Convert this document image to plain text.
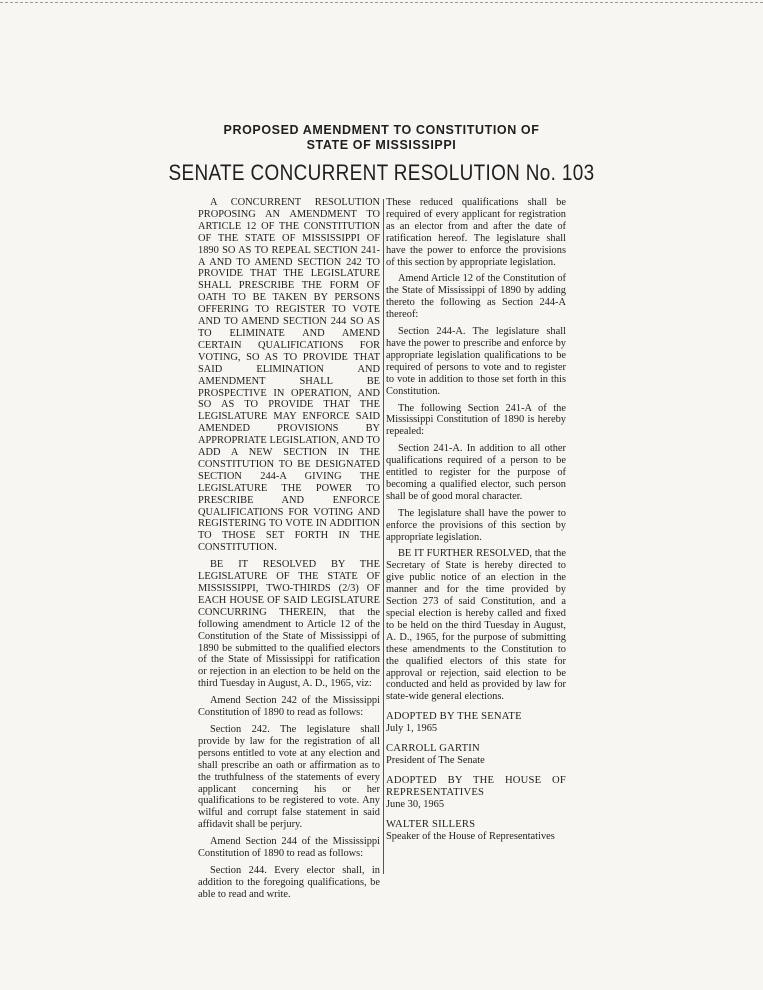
PROPOSED AMENDMENT TO CONSTITUTION OF
STATE OF MISSISSIPPI
SENATE CONCURRENT RESOLUTION No. 103

A CONCURRENT RESOLUTION PROPOSING AN AMENDMENT TO ARTICLE 12 OF THE CONSTITUTION OF THE STATE OF MISSISSIPPI OF 1890 SO AS TO REPEAL SECTION 241-A AND TO AMEND SECTION 242 TO PROVIDE THAT THE LEGISLATURE SHALL PRESCRIBE THE FORM OF OATH TO BE TAKEN BY PERSONS OFFERING TO REGISTER TO VOTE AND TO AMEND SECTION 244 SO AS TO ELIMINATE AND AMEND CERTAIN QUALIFICATIONS FOR VOTING, SO AS TO PROVIDE THAT SAID ELIMINATION AND AMENDMENT SHALL BE PROSPECTIVE IN OPERATION, AND SO AS TO PROVIDE THAT THE LEGISLATURE MAY ENFORCE SAID AMENDED PROVISIONS BY APPROPRIATE LEGISLATION, AND TO ADD A NEW SECTION IN THE CONSTITUTION TO BE DESIGNATED SECTION 244-A GIVING THE LEGISLATURE THE POWER TO PRESCRIBE AND ENFORCE QUALIFICATIONS FOR VOTING AND REGISTERING TO VOTE IN ADDITION TO THOSE SET FORTH IN THE CONSTITUTION.

BE IT RESOLVED BY THE LEGISLATURE OF THE STATE OF MISSISSIPPI, TWO-THIRDS (2/3) OF EACH HOUSE OF SAID LEGISLATURE CONCURRING THEREIN, that the following amendment to Article 12 of the Constitution of the State of Mississippi of 1890 be submitted to the qualified electors of the State of Mississippi for ratification or rejection in an election to be held on the third Tuesday in August, A. D., 1965, viz:

Amend Section 242 of the Mississippi Constitution of 1890 to read as follows:

Section 242. The legislature shall provide by law for the registration of all persons entitled to vote at any election and shall prescribe an oath or affirmation as to the truthfulness of the statements of every applicant concerning his or her qualifications to be registered to vote. Any wilful and corrupt false statement in said affidavit shall be perjury.

Amend Section 244 of the Mississippi Constitution of 1890 to read as follows:

Section 244. Every elector shall, in addition to the foregoing qualifications, be able to read and write.

These reduced qualifications shall be required of every applicant for registration as an elector from and after the date of ratification hereof. The legislature shall have the power to enforce the provisions of this section by appropriate legislation.

Amend Article 12 of the Constitution of the State of Mississippi of 1890 by adding thereto the following as Section 244-A thereof:

Section 244-A. The legislature shall have the power to prescribe and enforce by appropriate legislation qualifications to be required of persons to vote and to register to vote in addition to those set forth in this Constitution.

The following Section 241-A of the Mississippi Constitution of 1890 is hereby repealed:

Section 241-A. In addition to all other qualifications required of a person to be entitled to register for the purpose of becoming a qualified elector, such person shall be of good moral character.

The legislature shall have the power to enforce the provisions of this section by appropriate legislation.

BE IT FURTHER RESOLVED, that the Secretary of State is hereby directed to give public notice of an election in the manner and for the time provided by Section 273 of said Constitution, and a special election is hereby called and fixed to be held on the third Tuesday in August, A. D., 1965, for the purpose of submitting these amendments to the Constitution to the qualified electors of this state for approval or rejection, said election to be conducted and held as provided by law for state-wide general elections.

ADOPTED BY THE SENATE
July 1, 1965
CARROLL GARTIN
President of The Senate
ADOPTED BY THE HOUSE OF REPRESENTATIVES
June 30, 1965
WALTER SILLERS
Speaker of the House of Representatives
